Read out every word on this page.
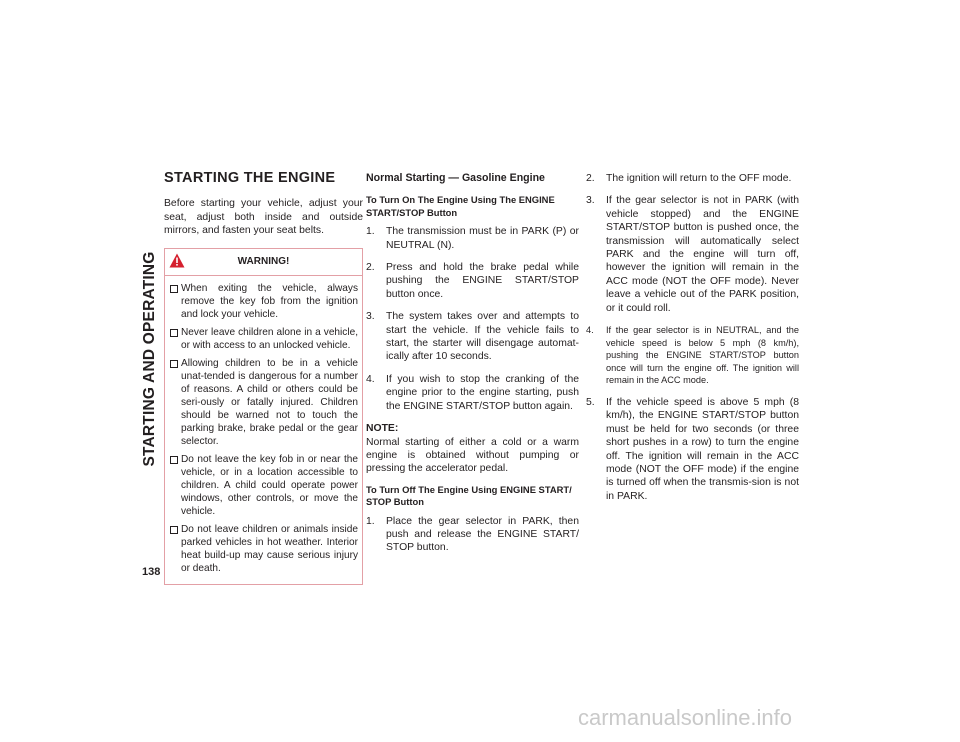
STARTING AND OPERATING
138
STARTING THE ENGINE

Before starting your vehicle, adjust your seat, adjust both inside and outside mirrors, and fasten your seat belts.

WARNING!
When exiting the vehicle, always remove the key fob from the ignition and lock your vehicle.
Never leave children alone in a vehicle, or with access to an unlocked vehicle.
Allowing children to be in a vehicle unat-tended is dangerous for a number of reasons. A child or others could be seri-ously or fatally injured. Children should be warned not to touch the parking brake, brake pedal or the gear selector.
Do not leave the key fob in or near the vehicle, or in a location accessible to children. A child could operate power windows, other controls, or move the vehicle.
Do not leave children or animals inside parked vehicles in hot weather. Interior heat build-up may cause serious injury or death.
Normal Starting — Gasoline Engine
To Turn On The Engine Using The ENGINE START/STOP Button
1. The transmission must be in PARK (P) or NEUTRAL (N).
2. Press and hold the brake pedal while pushing the ENGINE START/STOP button once.
3. The system takes over and attempts to start the vehicle. If the vehicle fails to start, the starter will disengage automat-ically after 10 seconds.
4. If you wish to stop the cranking of the engine prior to the engine starting, push the ENGINE START/STOP button again.

NOTE:

Normal starting of either a cold or a warm engine is obtained without pumping or pressing the accelerator pedal.

To Turn Off The Engine Using ENGINE START/ STOP Button
1. Place the gear selector in PARK, then push and release the ENGINE START/ STOP button.
2. The ignition will return to the OFF mode.
3. If the gear selector is not in PARK (with vehicle stopped) and the ENGINE START/STOP button is pushed once, the transmission will automatically select PARK and the engine will turn off, however the ignition will remain in the ACC mode (NOT the OFF mode). Never leave a vehicle out of the PARK position, or it could roll.
4. If the gear selector is in NEUTRAL, and the vehicle speed is below 5 mph (8 km/h), pushing the ENGINE START/STOP button once will turn the engine off. The ignition will remain in the ACC mode.
5. If the vehicle speed is above 5 mph (8 km/h), the ENGINE START/STOP button must be held for two seconds (or three short pushes in a row) to turn the engine off. The ignition will remain in the ACC mode (NOT the OFF mode) if the engine is turned off when the transmis-sion is not in PARK.
carmanualsonline.info
